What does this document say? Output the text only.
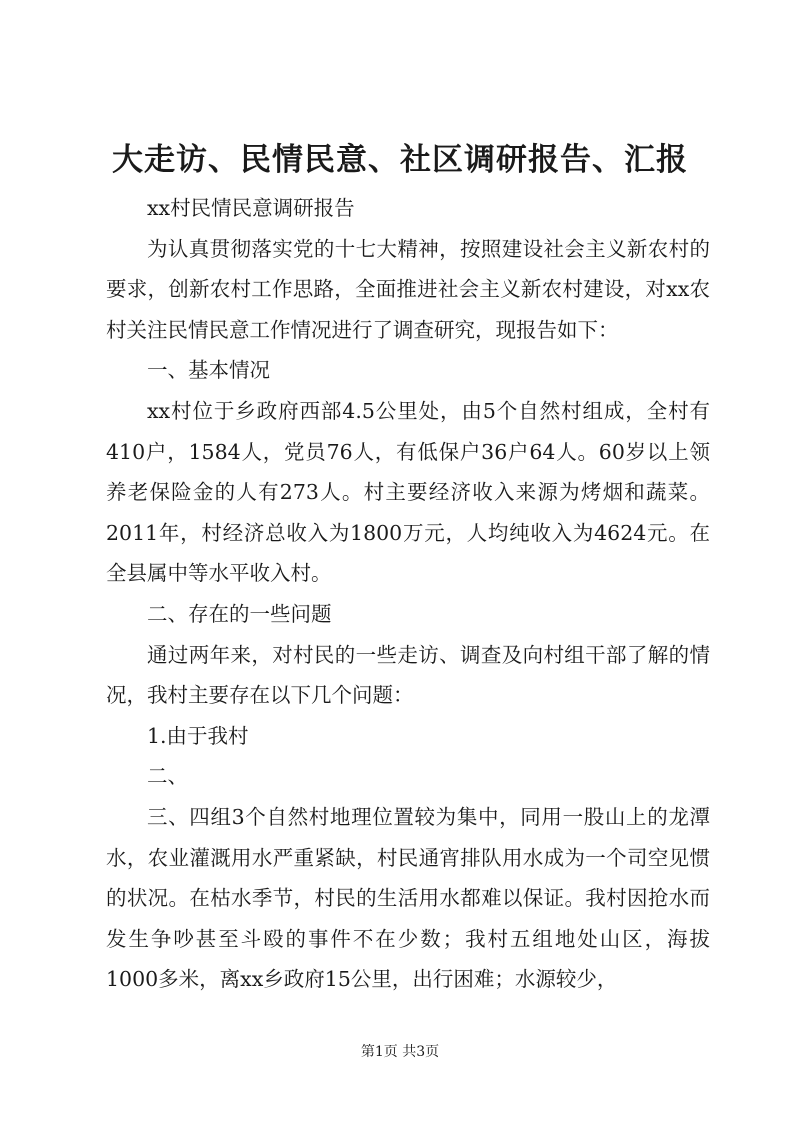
大走访、民情民意、社区调研报告、汇报

xx村民情民意调研报告

为认真贯彻落实党的十七大精神，按照建设社会主义新农村的要求，创新农村工作思路，全面推进社会主义新农村建设，对xx农村关注民情民意工作情况进行了调查研究，现报告如下：

一、基本情况

xx村位于乡政府西部4.5公里处，由5个自然村组成，全村有410户，1584人，党员76人，有低保户36户64人。60岁以上领养老保险金的人有273人。村主要经济收入来源为烤烟和蔬菜。2011年，村经济总收入为1800万元，人均纯收入为4624元。在全县属中等水平收入村。

二、存在的一些问题

通过两年来，对村民的一些走访、调查及向村组干部了解的情况，我村主要存在以下几个问题：

1.由于我村

二、

三、四组3个自然村地理位置较为集中，同用一股山上的龙潭水，农业灌溉用水严重紧缺，村民通宵排队用水成为一个司空见惯的状况。在枯水季节，村民的生活用水都难以保证。我村因抢水而发生争吵甚至斗殴的事件不在少数；我村五组地处山区，海拔1000多米，离xx乡政府15公里，出行困难；水源较少，

第1页 共3页
